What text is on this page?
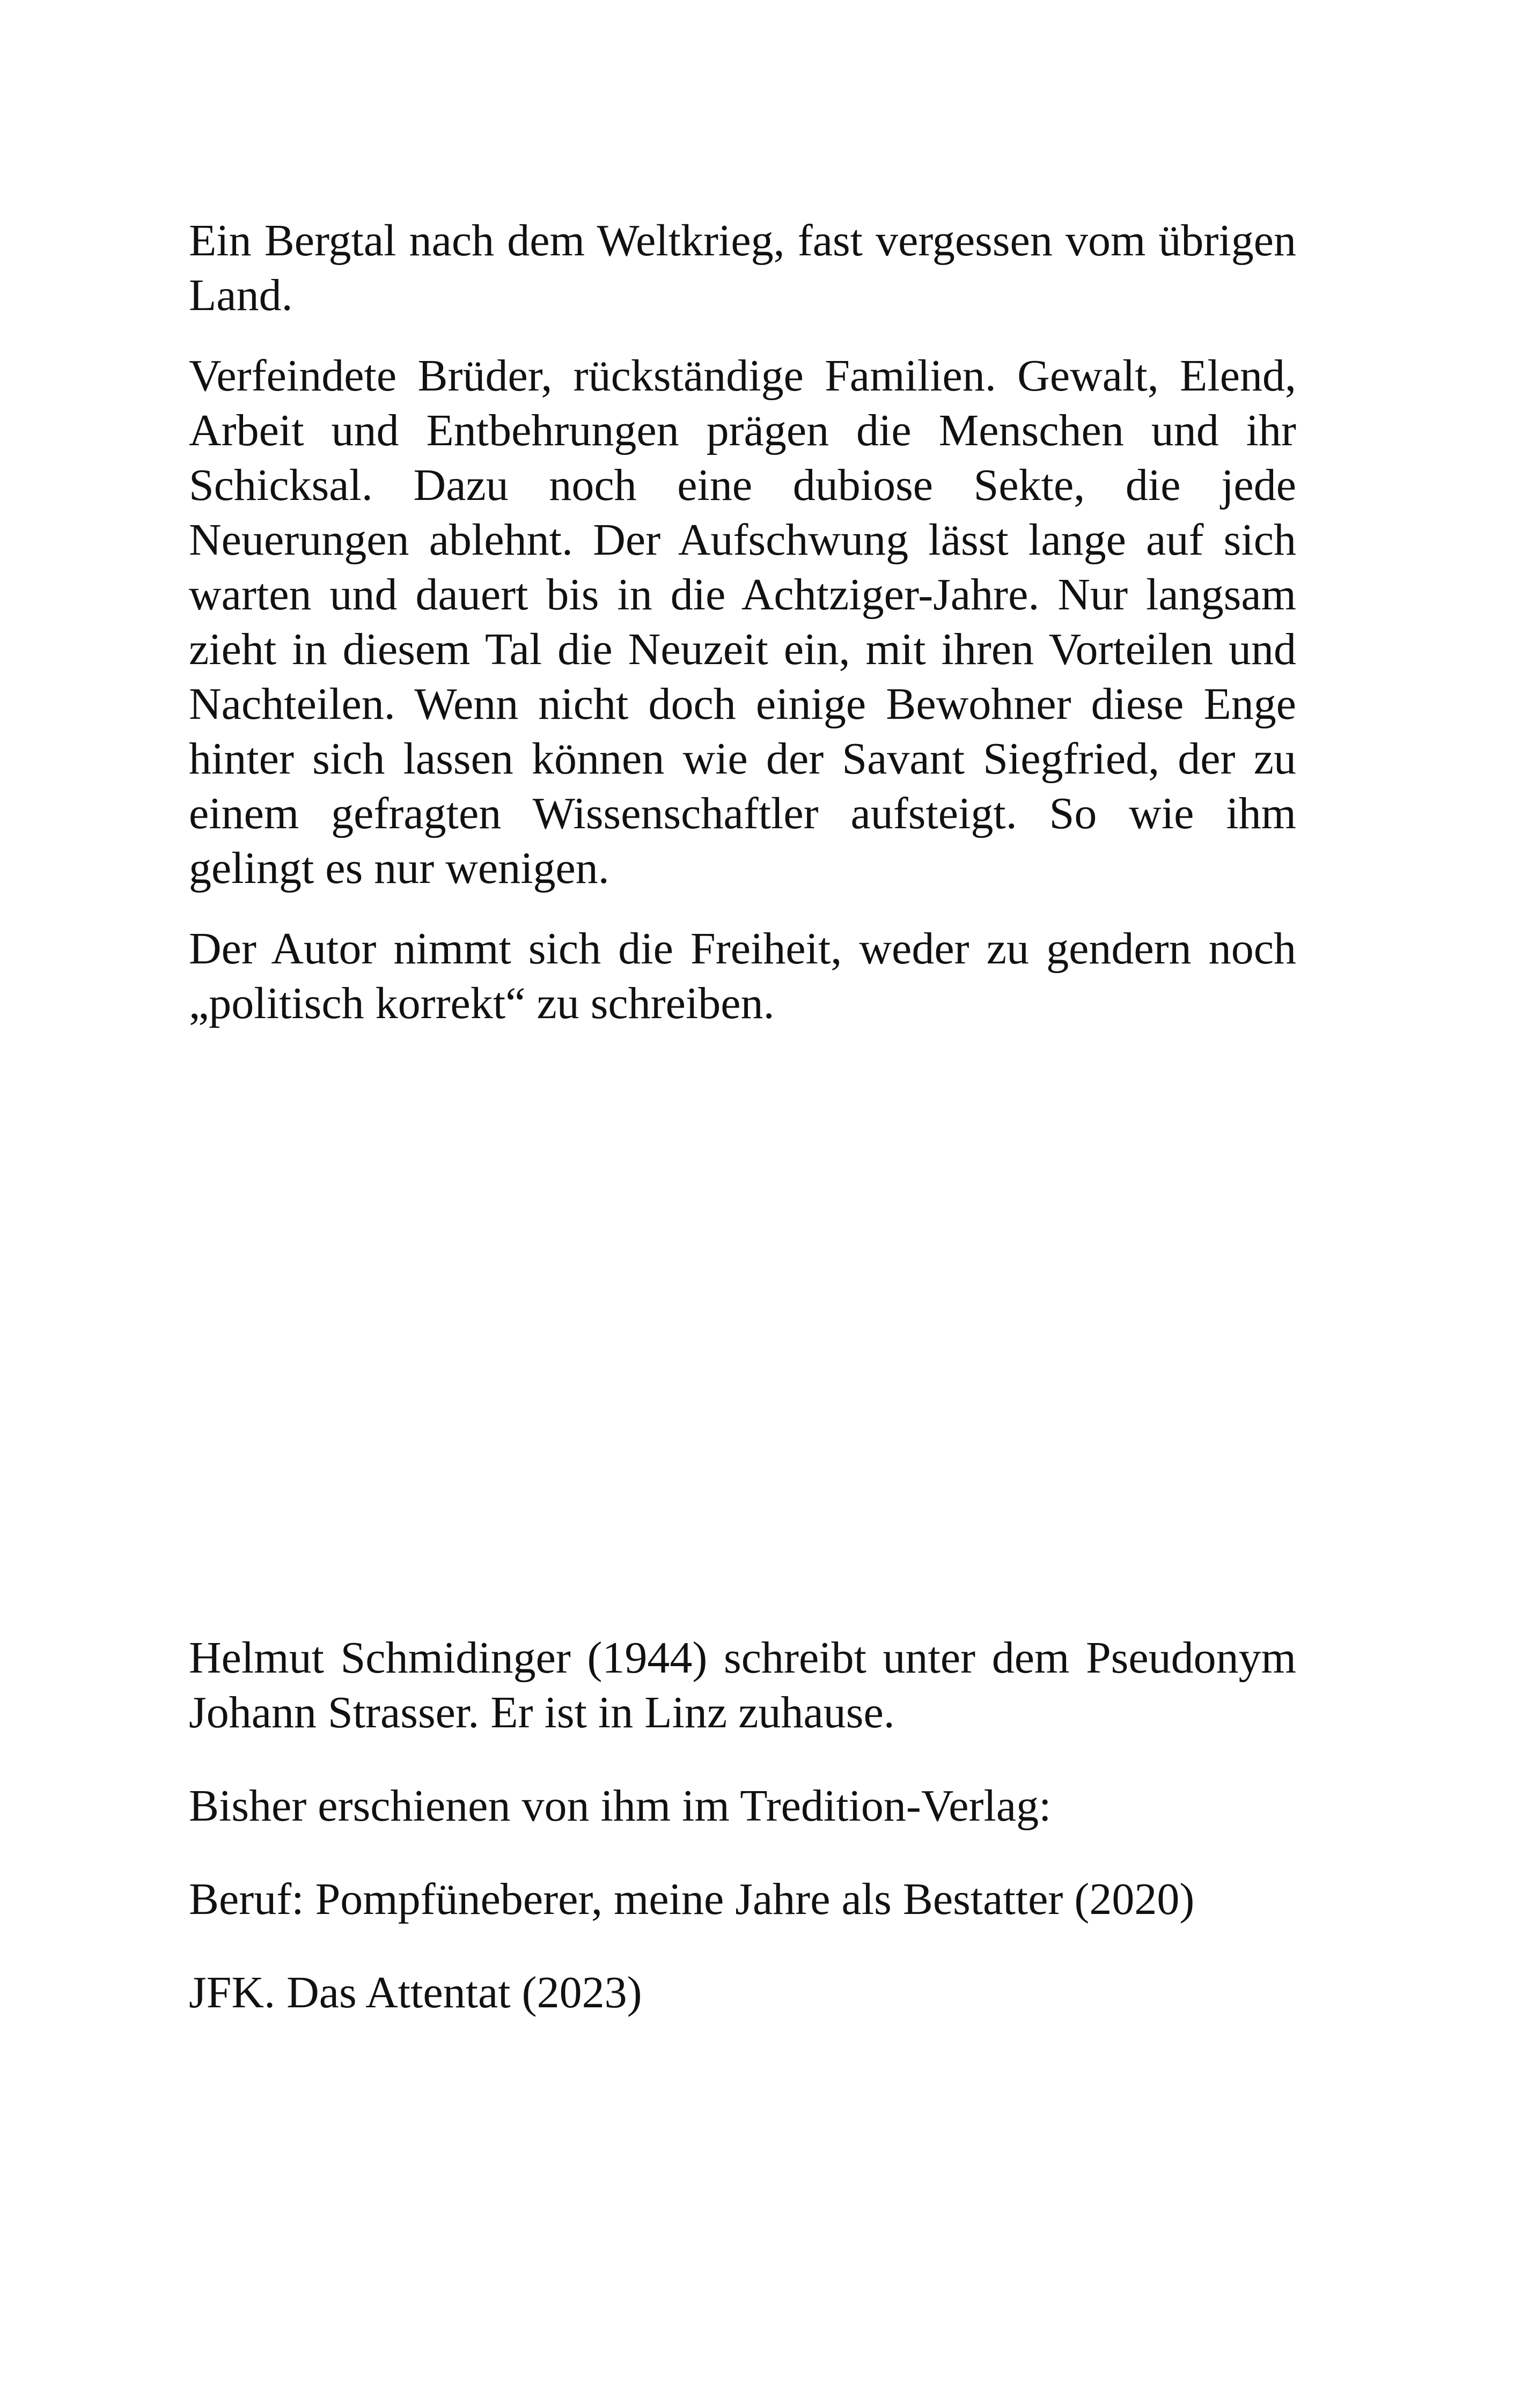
Ein Bergtal nach dem Weltkrieg, fast vergessen vom übrigen Land.

Verfeindete Brüder, rückständige Familien. Gewalt, Elend, Arbeit und Entbehrungen prägen die Menschen und ihr Schicksal. Dazu noch eine dubiose Sekte, die jede Neuerungen ablehnt. Der Aufschwung lässt lange auf sich warten und dauert bis in die Achtziger-Jahre. Nur langsam zieht in diesem Tal die Neuzeit ein, mit ihren Vorteilen und Nachteilen. Wenn nicht doch einige Bewohner diese Enge hinter sich lassen können wie der Savant Siegfried, der zu einem gefragten Wissenschaftler aufsteigt. So wie ihm gelingt es nur wenigen.

Der Autor nimmt sich die Freiheit, weder zu gendern noch „politisch korrekt“ zu schreiben.

Helmut Schmidinger (1944) schreibt unter dem Pseudonym Johann Strasser. Er ist in Linz zuhause.

Bisher erschienen von ihm im Tredition-Verlag:

Beruf: Pompfüneberer, meine Jahre als Bestatter (2020)

JFK. Das Attentat (2023)
